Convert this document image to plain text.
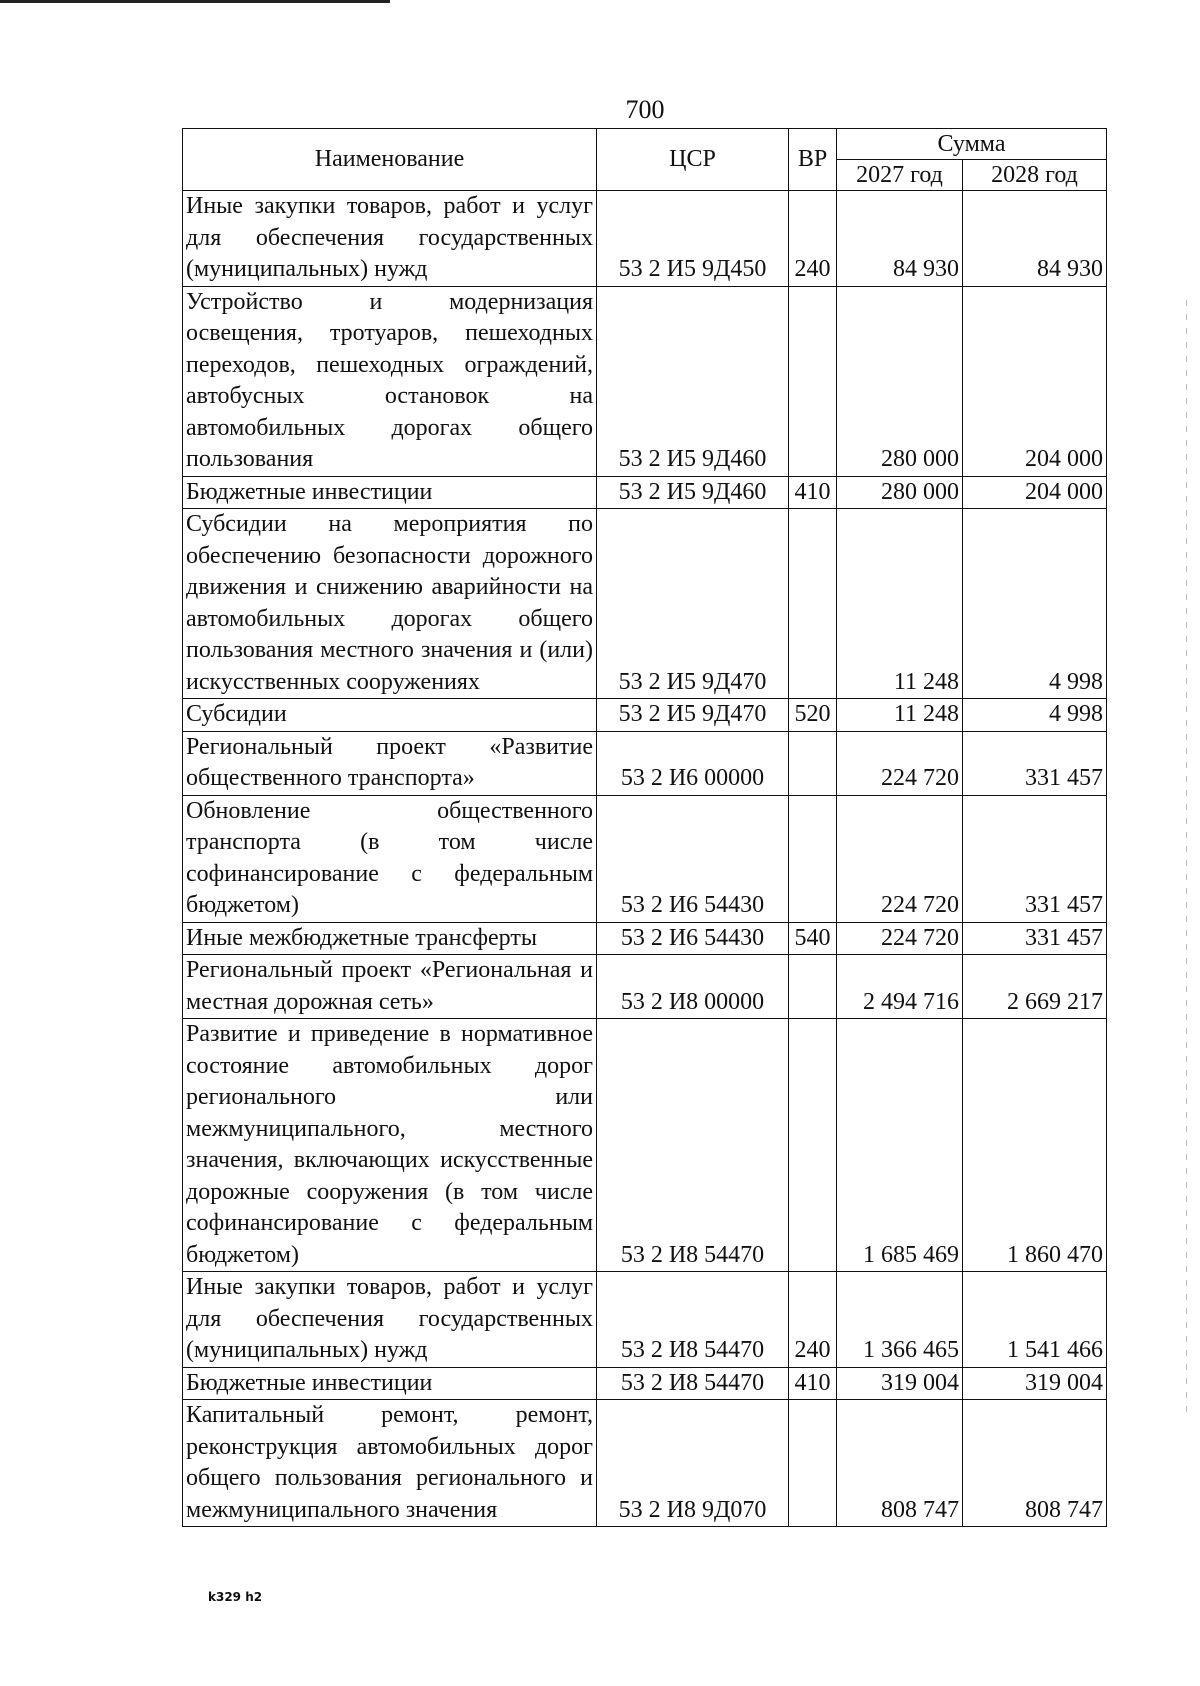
700
Наименование	ЦСР	ВР	Сумма	
			2027 год	2028 год
Иные закупки товаров, работ и услуг для обеспечения государственных (муниципальных) нужд	53 2 И5 9Д450	240	84 930	84 930
Устройство и модернизация освещения, тротуаров, пешеходных переходов, пешеходных ограждений, автобусных остановок на автомобильных дорогах общего пользования	53 2 И5 9Д460		280 000	204 000
Бюджетные инвестиции	53 2 И5 9Д460	410	280 000	204 000
Субсидии на мероприятия по обеспечению безопасности дорожного движения и снижению аварийности на автомобильных дорогах общего пользования местного значения и (или) искусственных сооружениях	53 2 И5 9Д470		11 248	4 998
Субсидии	53 2 И5 9Д470	520	11 248	4 998
Региональный проект «Развитие общественного транспорта»	53 2 И6 00000		224 720	331 457
Обновление общественного транспорта (в том числе софинансирование с федеральным бюджетом)	53 2 И6 54430		224 720	331 457
Иные межбюджетные трансферты	53 2 И6 54430	540	224 720	331 457
Региональный проект «Региональная и местная дорожная сеть»	53 2 И8 00000		2 494 716	2 669 217
Развитие и приведение в нормативное состояние автомобильных дорог регионального или межмуниципального, местного значения, включающих искусственные дорожные сооружения (в том числе софинансирование с федеральным бюджетом)	53 2 И8 54470		1 685 469	1 860 470
Иные закупки товаров, работ и услуг для обеспечения государственных (муниципальных) нужд	53 2 И8 54470	240	1 366 465	1 541 466
Бюджетные инвестиции	53 2 И8 54470	410	319 004	319 004
Капитальный ремонт, ремонт, реконструкция автомобильных дорог общего пользования регионального и межмуниципального значения	53 2 И8 9Д070		808 747	808 747
k329 h2
